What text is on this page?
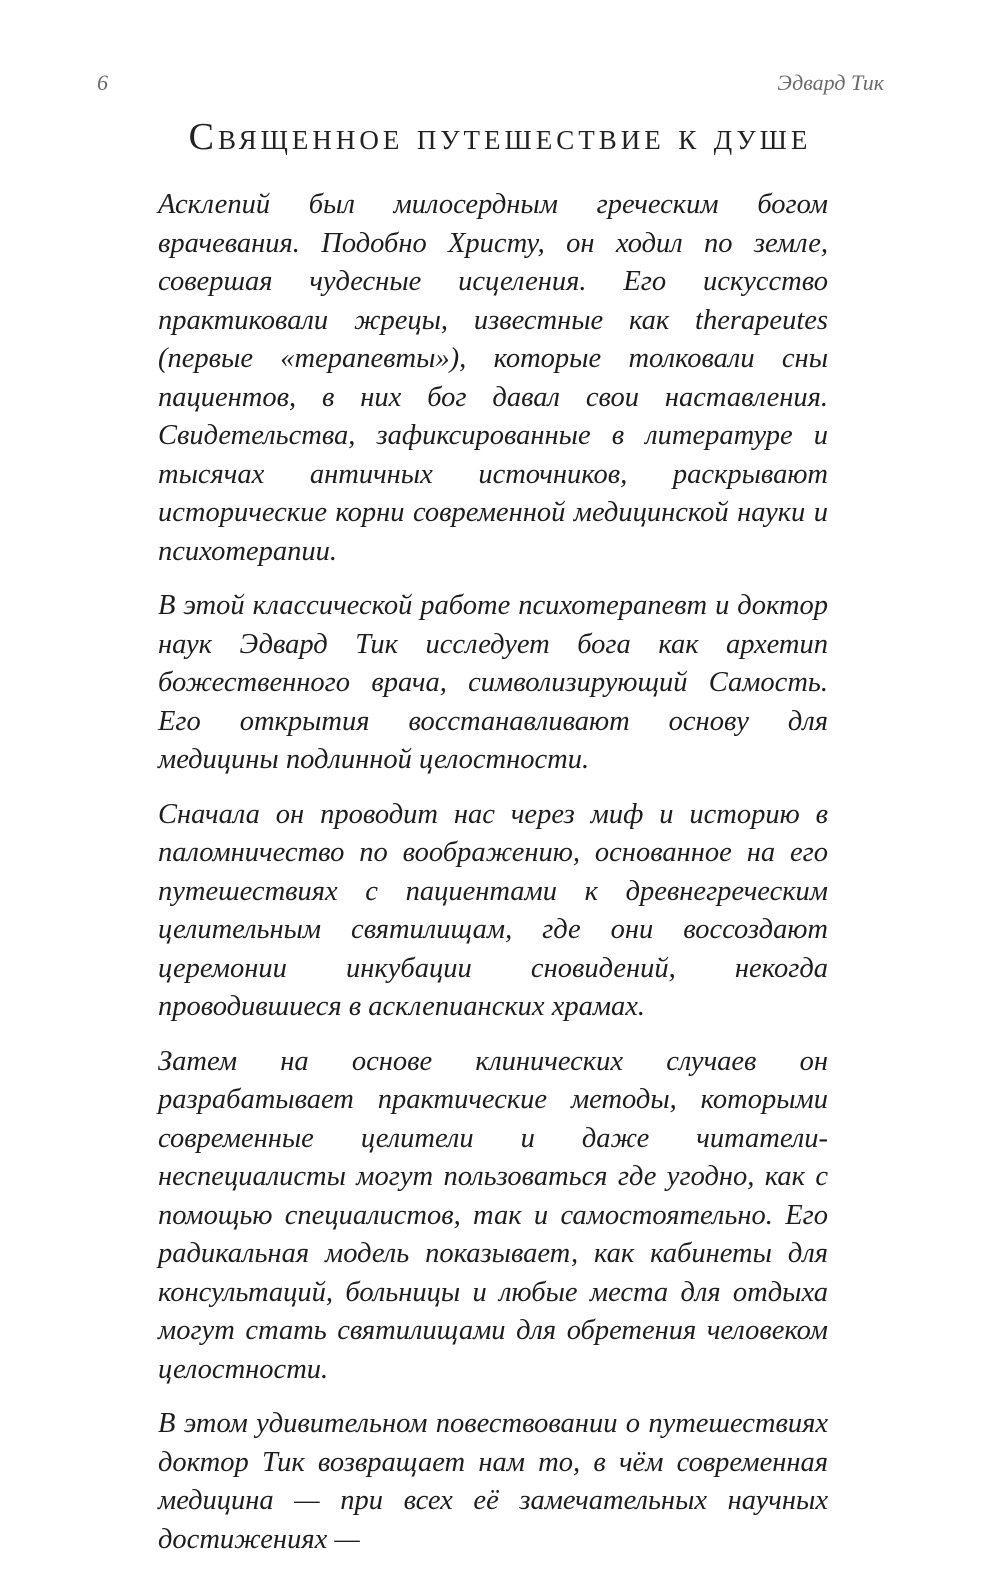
6	Эдвард Тик
Священное путешествие к душе

Асклепий был милосердным греческим богом врачевания. Подобно Христу, он ходил по земле, совершая чудесные исцеления. Его искусство практиковали жрецы, известные как therapeutes (первые «терапевты»), которые толковали сны пациентов, в них бог давал свои наставления. Свидетельства, зафиксированные в литературе и тысячах античных источников, раскрывают исторические корни современной медицинской науки и психотерапии.

В этой классической работе психотерапевт и доктор наук Эдвард Тик исследует бога как архетип божественного врача, символизирующий Самость. Его открытия восстанавливают основу для медицины подлинной целостности.

Сначала он проводит нас через миф и историю в паломничество по воображению, основанное на его путешествиях с пациентами к древнегреческим целительным святилищам, где они воссоздают церемонии инкубации сновидений, некогда проводившиеся в асклепианских храмах.

Затем на основе клинических случаев он разрабатывает практические методы, которыми современные целители и даже читатели-неспециалисты могут пользоваться где угодно, как с помощью специалистов, так и самостоятельно. Его радикальная модель показывает, как кабинеты для консультаций, больницы и любые места для отдыха могут стать святилищами для обретения человеком целостности.

В этом удивительном повествовании о путешествиях доктор Тик возвращает нам то, в чём современная медицина — при всех её замечательных научных достижениях —
